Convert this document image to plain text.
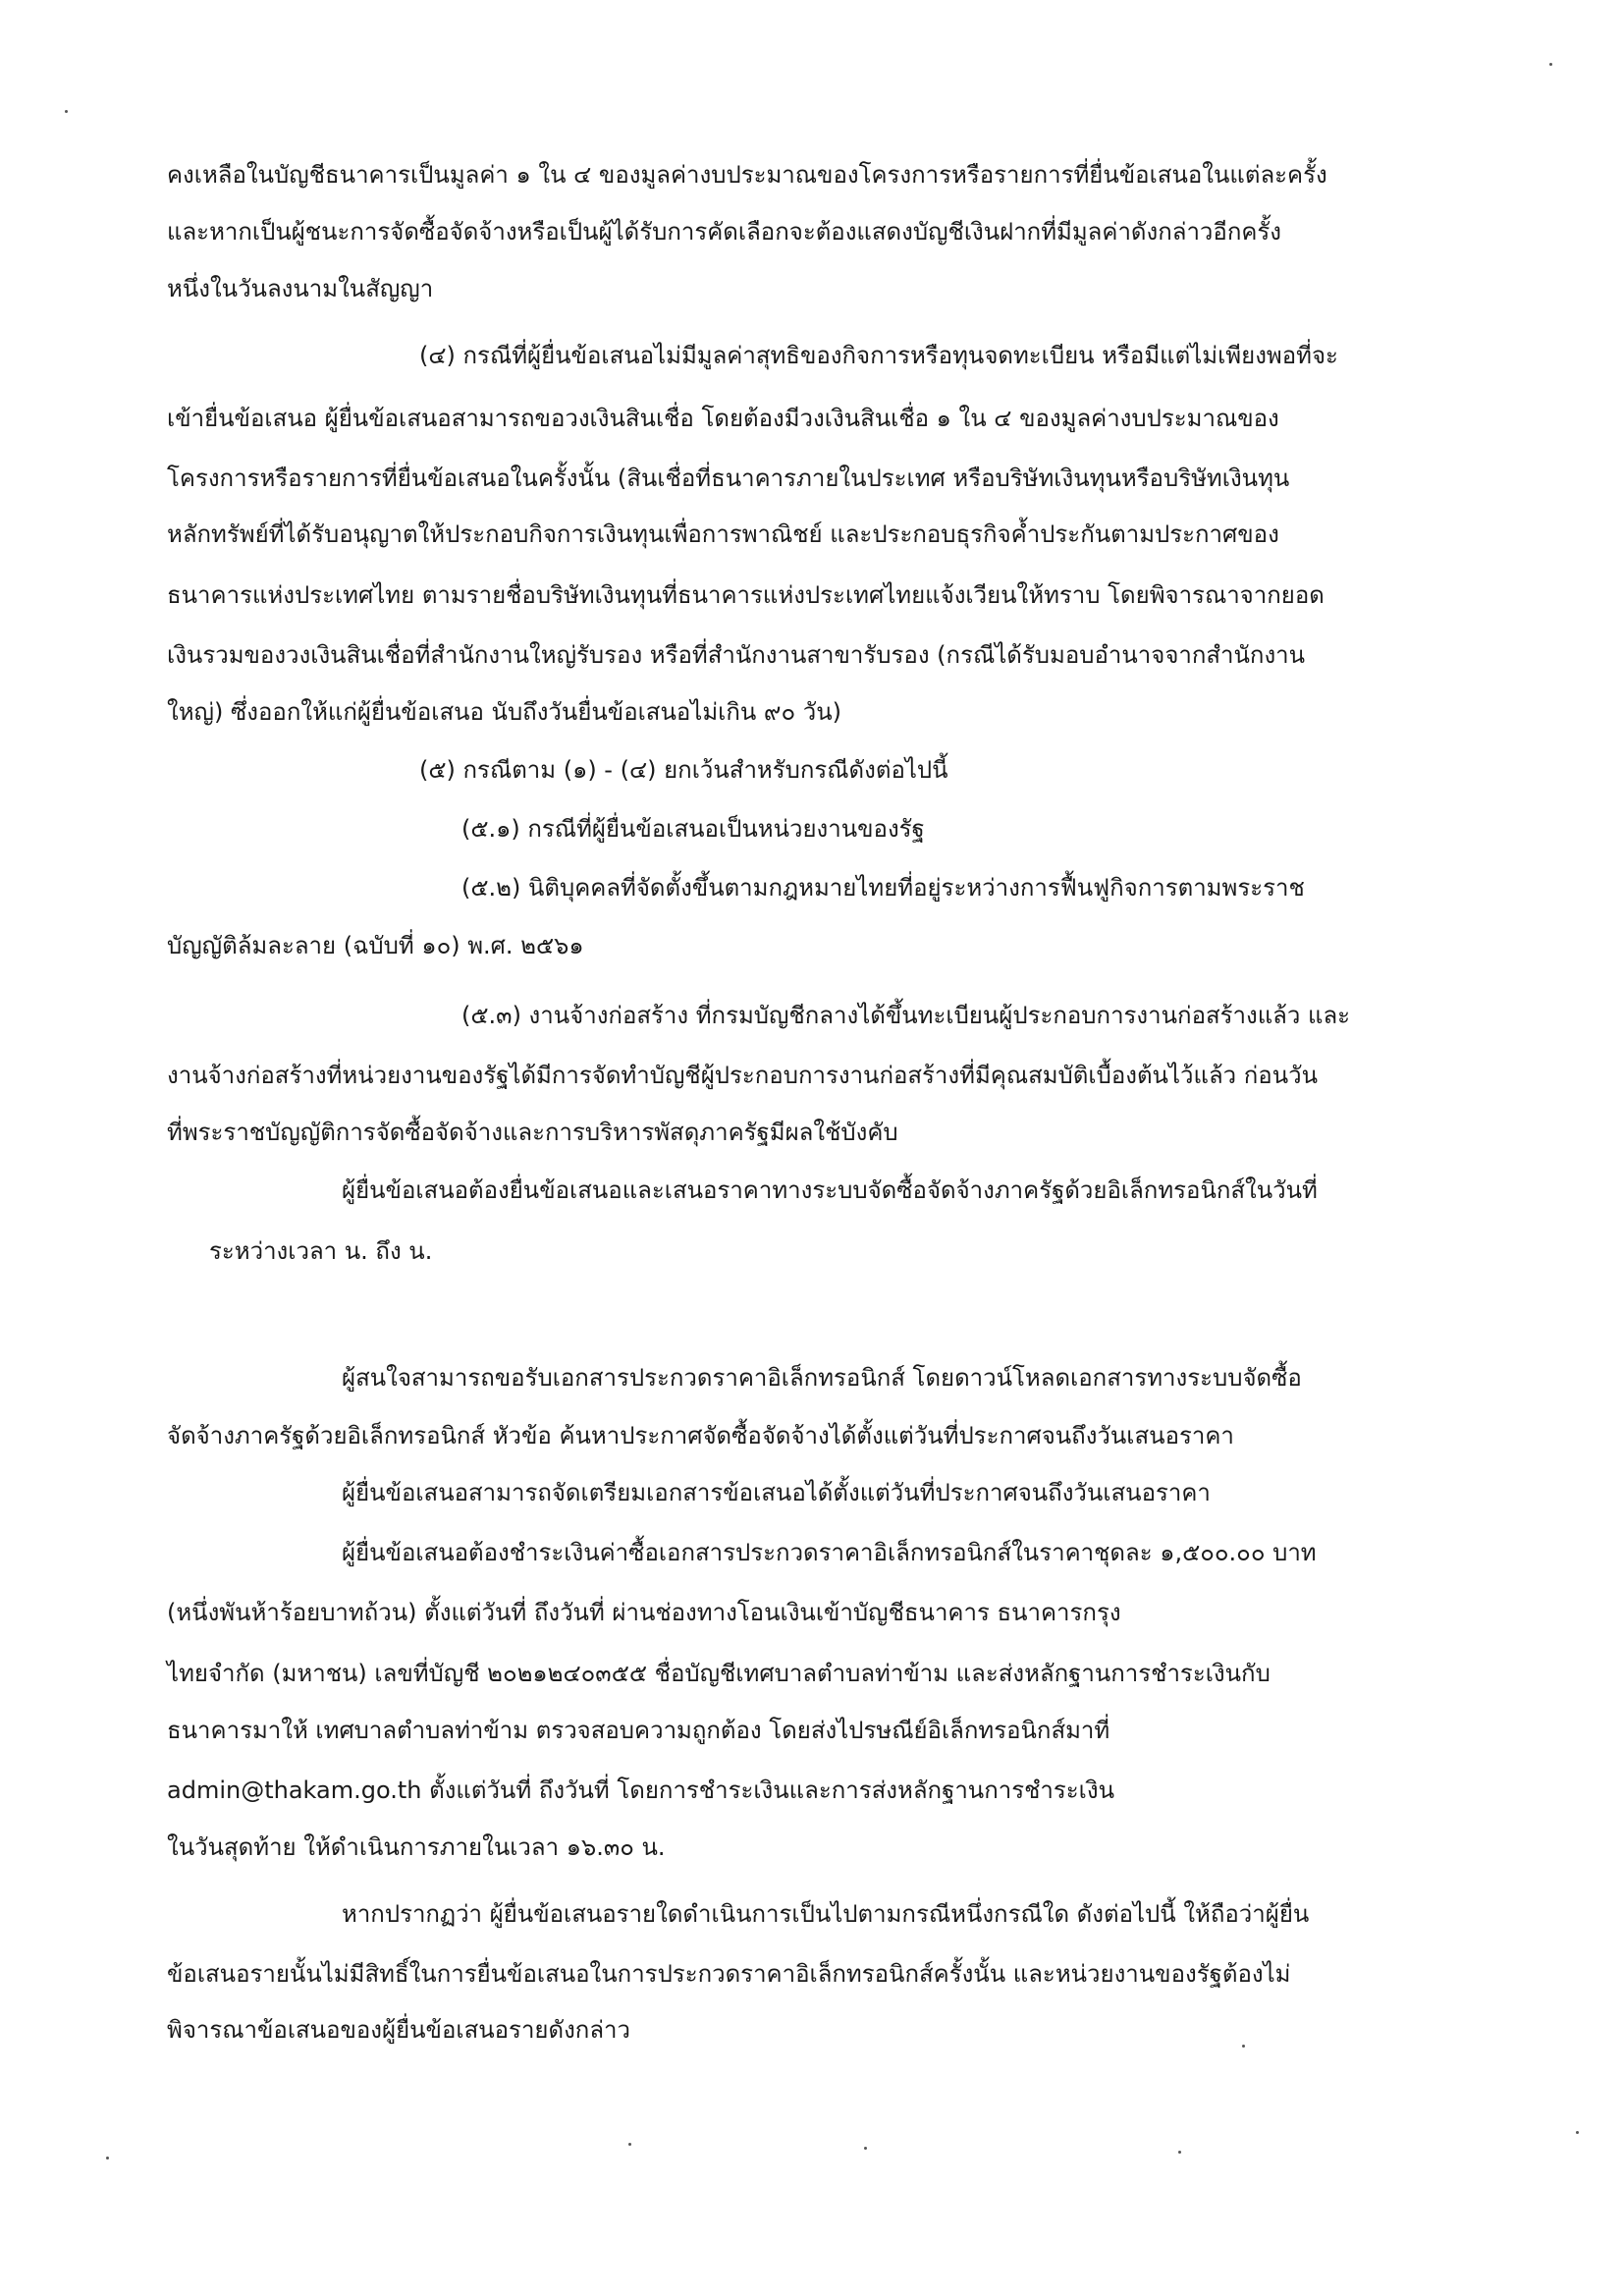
คงเหลือในบัญชีธนาคารเป็นมูลค่า ๑ ใน ๔ ของมูลค่างบประมาณของโครงการหรือรายการที่ยื่นข้อเสนอในแต่ละครั้ง
และหากเป็นผู้ชนะการจัดซื้อจัดจ้างหรือเป็นผู้ได้รับการคัดเลือกจะต้องแสดงบัญชีเงินฝากที่มีมูลค่าดังกล่าวอีกครั้ง
หนึ่งในวันลงนามในสัญญา
(๔) กรณีที่ผู้ยื่นข้อเสนอไม่มีมูลค่าสุทธิของกิจการหรือทุนจดทะเบียน หรือมีแต่ไม่เพียงพอที่จะ
เข้ายื่นข้อเสนอ ผู้ยื่นข้อเสนอสามารถขอวงเงินสินเชื่อ โดยต้องมีวงเงินสินเชื่อ ๑ ใน ๔ ของมูลค่างบประมาณของ
โครงการหรือรายการที่ยื่นข้อเสนอในครั้งนั้น (สินเชื่อที่ธนาคารภายในประเทศ หรือบริษัทเงินทุนหรือบริษัทเงินทุน
หลักทรัพย์ที่ได้รับอนุญาตให้ประกอบกิจการเงินทุนเพื่อการพาณิชย์ และประกอบธุรกิจค้ำประกันตามประกาศของ
ธนาคารแห่งประเทศไทย ตามรายชื่อบริษัทเงินทุนที่ธนาคารแห่งประเทศไทยแจ้งเวียนให้ทราบ โดยพิจารณาจากยอด
เงินรวมของวงเงินสินเชื่อที่สำนักงานใหญ่รับรอง หรือที่สำนักงานสาขารับรอง (กรณีได้รับมอบอำนาจจากสำนักงาน
ใหญ่) ซึ่งออกให้แก่ผู้ยื่นข้อเสนอ นับถึงวันยื่นข้อเสนอไม่เกิน ๙๐ วัน)
(๕) กรณีตาม (๑) - (๔) ยกเว้นสำหรับกรณีดังต่อไปนี้
(๕.๑) กรณีที่ผู้ยื่นข้อเสนอเป็นหน่วยงานของรัฐ
(๕.๒) นิติบุคคลที่จัดตั้งขึ้นตามกฎหมายไทยที่อยู่ระหว่างการฟื้นฟูกิจการตามพระราช
บัญญัติล้มละลาย (ฉบับที่ ๑๐) พ.ศ. ๒๕๖๑
(๕.๓) งานจ้างก่อสร้าง ที่กรมบัญชีกลางได้ขึ้นทะเบียนผู้ประกอบการงานก่อสร้างแล้ว และ
งานจ้างก่อสร้างที่หน่วยงานของรัฐได้มีการจัดทำบัญชีผู้ประกอบการงานก่อสร้างที่มีคุณสมบัติเบื้องต้นไว้แล้ว ก่อนวัน
ที่พระราชบัญญัติการจัดซื้อจัดจ้างและการบริหารพัสดุภาครัฐมีผลใช้บังคับ
ผู้ยื่นข้อเสนอต้องยื่นข้อเสนอและเสนอราคาทางระบบจัดซื้อจัดจ้างภาครัฐด้วยอิเล็กทรอนิกส์ในวันที่
ระหว่างเวลา น. ถึง น.
ผู้สนใจสามารถขอรับเอกสารประกวดราคาอิเล็กทรอนิกส์ โดยดาวน์โหลดเอกสารทางระบบจัดซื้อ
จัดจ้างภาครัฐด้วยอิเล็กทรอนิกส์ หัวข้อ ค้นหาประกาศจัดซื้อจัดจ้างได้ตั้งแต่วันที่ประกาศจนถึงวันเสนอราคา
ผู้ยื่นข้อเสนอสามารถจัดเตรียมเอกสารข้อเสนอได้ตั้งแต่วันที่ประกาศจนถึงวันเสนอราคา
ผู้ยื่นข้อเสนอต้องชำระเงินค่าซื้อเอกสารประกวดราคาอิเล็กทรอนิกส์ในราคาชุดละ ๑,๕๐๐.๐๐ บาท
(หนึ่งพันห้าร้อยบาทถ้วน) ตั้งแต่วันที่ ถึงวันที่ ผ่านช่องทางโอนเงินเข้าบัญชีธนาคาร ธนาคารกรุง
ไทยจำกัด (มหาชน) เลขที่บัญชี ๒๐๒๑๒๔๐๓๕๕ ชื่อบัญชีเทศบาลตำบลท่าข้าม และส่งหลักฐานการชำระเงินกับ
ธนาคารมาให้ เทศบาลตำบลท่าข้าม ตรวจสอบความถูกต้อง โดยส่งไปรษณีย์อิเล็กทรอนิกส์มาที่
admin@thakam.go.th ตั้งแต่วันที่ ถึงวันที่ โดยการชำระเงินและการส่งหลักฐานการชำระเงิน
ในวันสุดท้าย ให้ดำเนินการภายในเวลา ๑๖.๓๐ น.
หากปรากฏว่า ผู้ยื่นข้อเสนอรายใดดำเนินการเป็นไปตามกรณีหนึ่งกรณีใด ดังต่อไปนี้ ให้ถือว่าผู้ยื่น
ข้อเสนอรายนั้นไม่มีสิทธิ์ในการยื่นข้อเสนอในการประกวดราคาอิเล็กทรอนิกส์ครั้งนั้น และหน่วยงานของรัฐต้องไม่
พิจารณาข้อเสนอของผู้ยื่นข้อเสนอรายดังกล่าว
